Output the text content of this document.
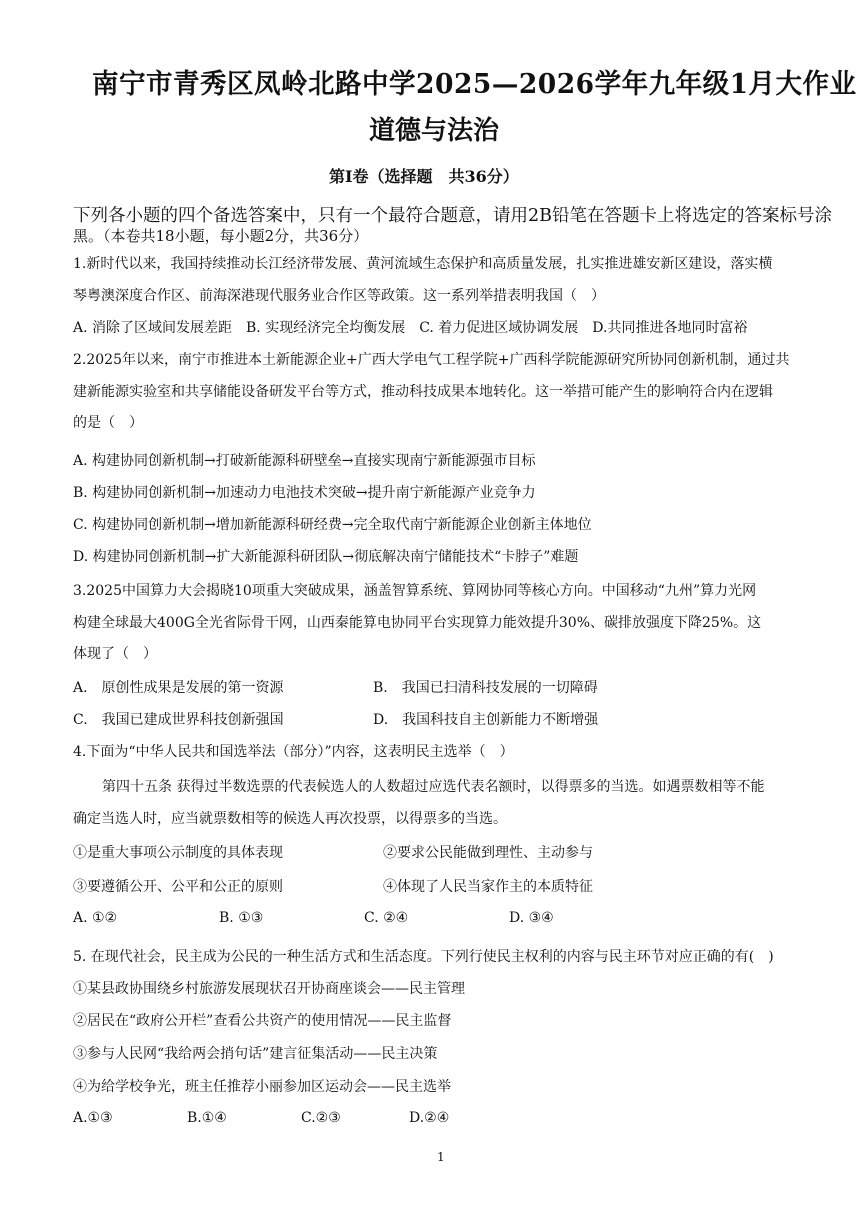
南宁市青秀区凤岭北路中学2025—2026学年九年级1月大作业
道德与法治
第Ⅰ卷（选择题　共36分）
下列各小题的四个备选答案中，只有一个最符合题意，请用2B铅笔在答题卡上将选定的答案标号涂
黑。（本卷共18小题，每小题2分，共36分）
1.新时代以来，我国持续推动长江经济带发展、黄河流域生态保护和高质量发展，扎实推进雄安新区建设，落实横
琴粤澳深度合作区、前海深港现代服务业合作区等政策。这一系列举措表明我国（　）
A. 消除了区域间发展差距　B. 实现经济完全均衡发展　C. 着力促进区域协调发展　D.共同推进各地同时富裕
2.2025年以来，南宁市推进本土新能源企业+广西大学电气工程学院+广西科学院能源研究所协同创新机制，通过共
建新能源实验室和共享储能设备研发平台等方式，推动科技成果本地转化。这一举措可能产生的影响符合内在逻辑
的是（　）
A. 构建协同创新机制→打破新能源科研壁垒→直接实现南宁新能源强市目标
B. 构建协同创新机制→加速动力电池技术突破→提升南宁新能源产业竞争力
C. 构建协同创新机制→增加新能源科研经费→完全取代南宁新能源企业创新主体地位
D. 构建协同创新机制→扩大新能源科研团队→彻底解决南宁储能技术“卡脖子”难题
3.2025中国算力大会揭晓10项重大突破成果，涵盖智算系统、算网协同等核心方向。中国移动“九州”算力光网
构建全球最大400G全光省际骨干网，山西秦能算电协同平台实现算力能效提升30%、碳排放强度下降25%。这
体现了（　）
A.　原创性成果是发展的第一资源	B.　我国已扫清科技发展的一切障碍
C.　我国已建成世界科技创新强国	D.　我国科技自主创新能力不断增强
4.下面为“中华人民共和国选举法（部分）”内容，这表明民主选举（　）
第四十五条 获得过半数选票的代表候选人的人数超过应选代表名额时，以得票多的当选。如遇票数相等不能
确定当选人时，应当就票数相等的候选人再次投票，以得票多的当选。
①是重大事项公示制度的具体表现	②要求公民能做到理性、主动参与
③要遵循公开、公平和公正的原则	④体现了人民当家作主的本质特征
A. ①②	B. ①③	C. ②④	D. ③④
5. 在现代社会，民主成为公民的一种生活方式和生活态度。下列行使民主权利的内容与民主环节对应正确的有(　)
①某县政协围绕乡村旅游发展现状召开协商座谈会——民主管理
②居民在“政府公开栏”查看公共资产的使用情况——民主监督
③参与人民网“我给两会捎句话”建言征集活动——民主决策
④为给学校争光，班主任推荐小丽参加区运动会——民主选举
A.①③	B.①④	C.②③	D.②④
1
